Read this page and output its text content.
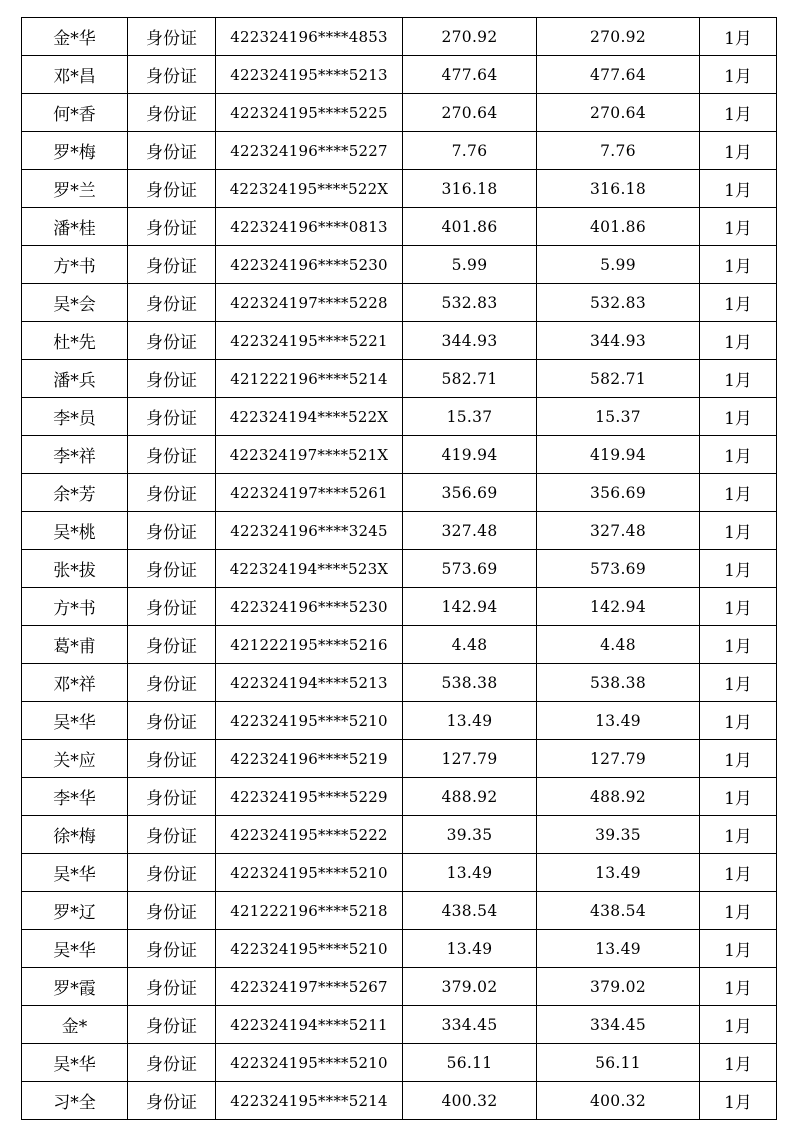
金*华	身份证	422324196****4853	270.92	270.92	1月
邓*昌	身份证	422324195****5213	477.64	477.64	1月
何*香	身份证	422324195****5225	270.64	270.64	1月
罗*梅	身份证	422324196****5227	7.76	7.76	1月
罗*兰	身份证	422324195****522X	316.18	316.18	1月
潘*桂	身份证	422324196****0813	401.86	401.86	1月
方*书	身份证	422324196****5230	5.99	5.99	1月
吴*会	身份证	422324197****5228	532.83	532.83	1月
杜*先	身份证	422324195****5221	344.93	344.93	1月
潘*兵	身份证	421222196****5214	582.71	582.71	1月
李*员	身份证	422324194****522X	15.37	15.37	1月
李*祥	身份证	422324197****521X	419.94	419.94	1月
余*芳	身份证	422324197****5261	356.69	356.69	1月
吴*桃	身份证	422324196****3245	327.48	327.48	1月
张*拔	身份证	422324194****523X	573.69	573.69	1月
方*书	身份证	422324196****5230	142.94	142.94	1月
葛*甫	身份证	421222195****5216	4.48	4.48	1月
邓*祥	身份证	422324194****5213	538.38	538.38	1月
吴*华	身份证	422324195****5210	13.49	13.49	1月
关*应	身份证	422324196****5219	127.79	127.79	1月
李*华	身份证	422324195****5229	488.92	488.92	1月
徐*梅	身份证	422324195****5222	39.35	39.35	1月
吴*华	身份证	422324195****5210	13.49	13.49	1月
罗*辽	身份证	421222196****5218	438.54	438.54	1月
吴*华	身份证	422324195****5210	13.49	13.49	1月
罗*霞	身份证	422324197****5267	379.02	379.02	1月
金*	身份证	422324194****5211	334.45	334.45	1月
吴*华	身份证	422324195****5210	56.11	56.11	1月
习*全	身份证	422324195****5214	400.32	400.32	1月
